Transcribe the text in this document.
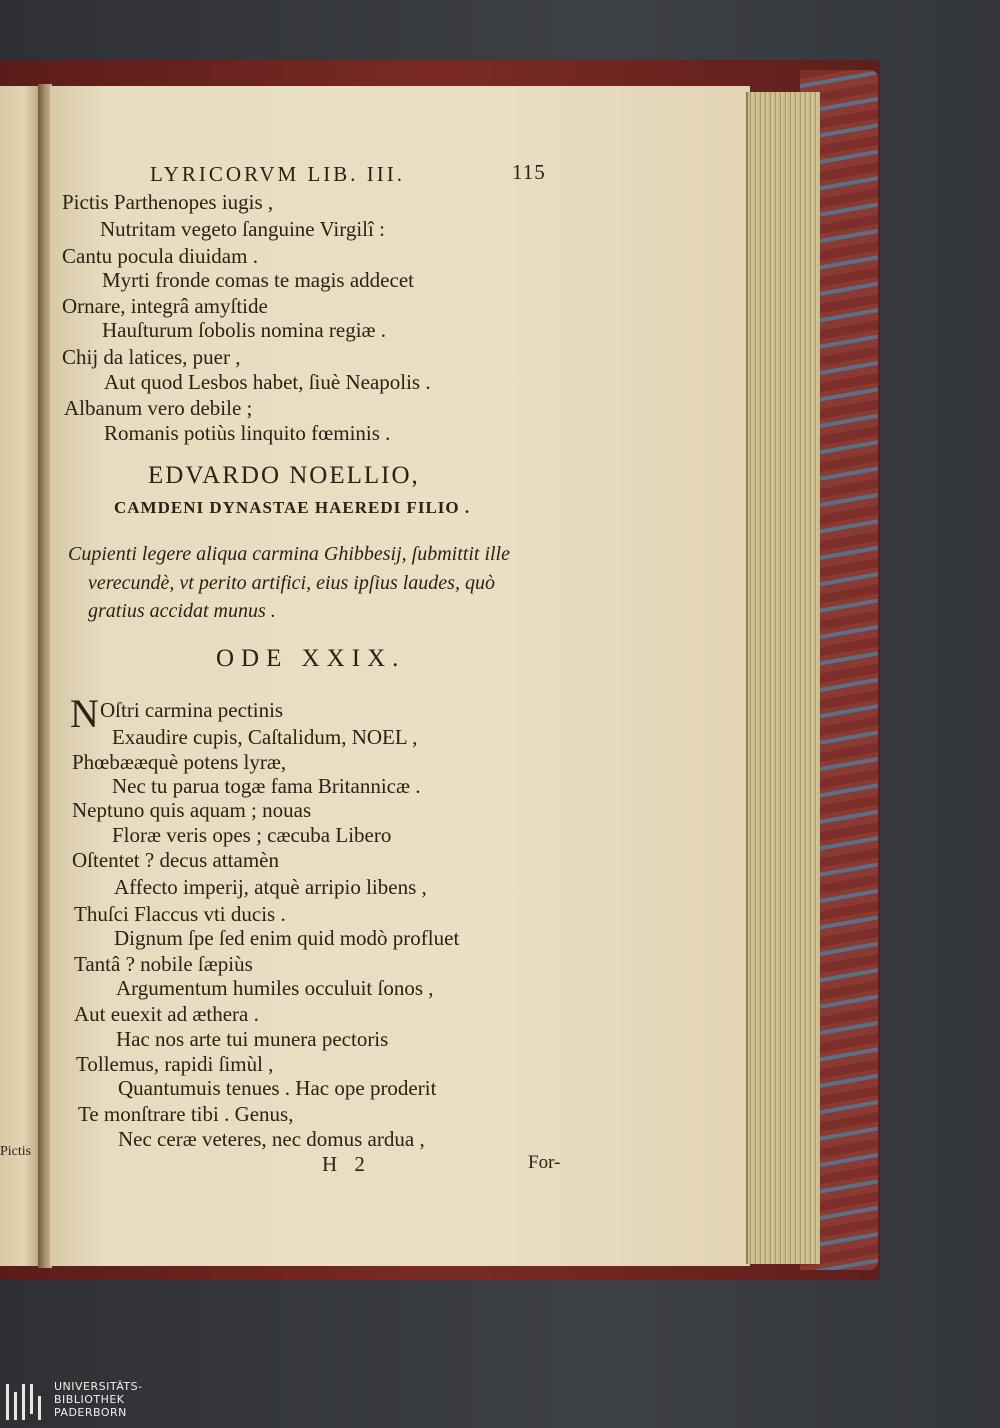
Pictis
LYRICORVM LIB. III.	115
Pictis Parthenopes iugis ,
Nutritam vegeto ſanguine Virgilî :
Cantu pocula diuidam .
Myrti fronde comas te magis addecet
Ornare, integrâ amyſtide
Hauſturum ſobolis nomina regiæ .
Chij da latices, puer ,
Aut quod Lesbos habet, ſiuè Neapolis .
Albanum vero debile ;
Romanis potiùs linquito fœminis .
EDVARDO NOELLIO,
CAMDENI DYNASTAE HAEREDI FILIO .
Cupienti legere aliqua carmina Ghibbesij, ſubmittit ille
verecundè, vt perito artifici, eius ipſius laudes, quò
gratius accidat munus .
ODE XXIX.
N Oſtri carmina pectinis
Exaudire cupis, Caſtalidum, NOEL ,
Phœbææquè potens lyræ,
Nec tu parua togæ fama Britannicæ .
Neptuno quis aquam ; nouas
Floræ veris opes ; cæcuba Libero
Oſtentet ? decus attamèn
Affecto imperij, atquè arripio libens ,
Thuſci Flaccus vti ducis .
Dignum ſpe ſed enim quid modò profluet
Tantâ ? nobile ſæpiùs
Argumentum humiles occuluit ſonos ,
Aut euexit ad æthera .
Hac nos arte tui munera pectoris
Tollemus, rapidi ſimùl ,
Quantumuis tenues . Hac ope proderit
Te monſtrare tibi . Genus,
Nec ceræ veteres, nec domus ardua ,
H 2	For-
UNIVERSITÄTS-
BIBLIOTHEK
PADERBORN
